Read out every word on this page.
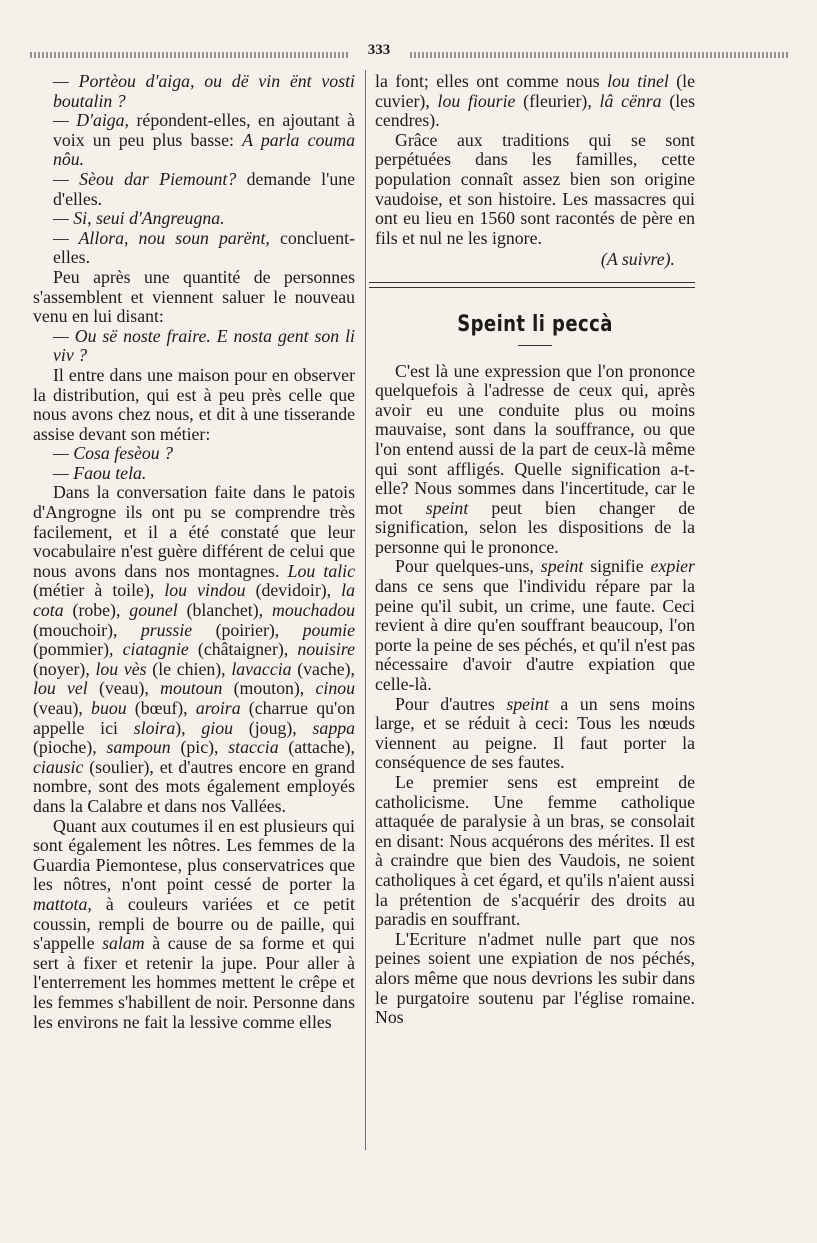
333

— Portèou d'aiga, ou dë vin ënt vosti boutalin ?

— D'aiga, répondent-elles, en ajoutant à voix un peu plus basse: A parla couma nôu.

— Sèou dar Piemount? demande l'une d'elles.

— Si, seui d'Angreugna.

— Allora, nou soun parënt, concluent-elles.

Peu après une quantité de personnes s'assemblent et viennent saluer le nouveau venu en lui disant:

— Ou së noste fraire. E nosta gent son li viv ?

Il entre dans une maison pour en observer la distribution, qui est à peu près celle que nous avons chez nous, et dit à une tisserande assise devant son métier:

— Cosa fesèou ?

— Faou tela.

Dans la conversation faite dans le patois d'Angrogne ils ont pu se comprendre très facilement, et il a été constaté que leur vocabulaire n'est guère différent de celui que nous avons dans nos montagnes. Lou talic (métier à toile), lou vindou (devidoir), la cota (robe), gounel (blanchet), mouchadou (mouchoir), prussie (poirier), poumie (pommier), ciatagnie (châtaigner), nouisire (noyer), lou vès (le chien), lavaccia (vache), lou vel (veau), moutoun (mouton), cinou (veau), buou (bœuf), aroira (charrue qu'on appelle ici sloira), giou (joug), sappa (pioche), sampoun (pic), staccia (attache), ciausic (soulier), et d'autres encore en grand nombre, sont des mots également employés dans la Calabre et dans nos Vallées.

Quant aux coutumes il en est plusieurs qui sont également les nôtres. Les femmes de la Guardia Piemontese, plus conservatrices que les nôtres, n'ont point cessé de porter la mattota, à couleurs variées et ce petit coussin, rempli de bourre ou de paille, qui s'appelle salam à cause de sa forme et qui sert à fixer et retenir la jupe. Pour aller à l'enterrement les hommes mettent le crêpe et les femmes s'habillent de noir. Personne dans les environs ne fait la lessive comme elles

la font; elles ont comme nous lou tinel (le cuvier), lou fiourie (fleurier), lâ cënra (les cendres).

Grâce aux traditions qui se sont perpétuées dans les familles, cette population connaît assez bien son origine vaudoise, et son histoire. Les massacres qui ont eu lieu en 1560 sont racontés de père en fils et nul ne les ignore.

(A suivre).

Speint li peccà

C'est là une expression que l'on prononce quelquefois à l'adresse de ceux qui, après avoir eu une conduite plus ou moins mauvaise, sont dans la souffrance, ou que l'on entend aussi de la part de ceux-là même qui sont affligés. Quelle signification a-t-elle? Nous sommes dans l'incertitude, car le mot speint peut bien changer de signification, selon les dispositions de la personne qui le prononce.

Pour quelques-uns, speint signifie expier dans ce sens que l'individu répare par la peine qu'il subit, un crime, une faute. Ceci revient à dire qu'en souffrant beaucoup, l'on porte la peine de ses péchés, et qu'il n'est pas nécessaire d'avoir d'autre expiation que celle-là.

Pour d'autres speint a un sens moins large, et se réduit à ceci: Tous les nœuds viennent au peigne. Il faut porter la conséquence de ses fautes.

Le premier sens est empreint de catholicisme. Une femme catholique attaquée de paralysie à un bras, se consolait en disant: Nous acquérons des mérites. Il est à craindre que bien des Vaudois, ne soient catholiques à cet égard, et qu'ils n'aient aussi la prétention de s'acquérir des droits au paradis en souffrant.

L'Ecriture n'admet nulle part que nos peines soient une expiation de nos péchés, alors même que nous devrions les subir dans le purgatoire soutenu par l'église romaine. Nos
